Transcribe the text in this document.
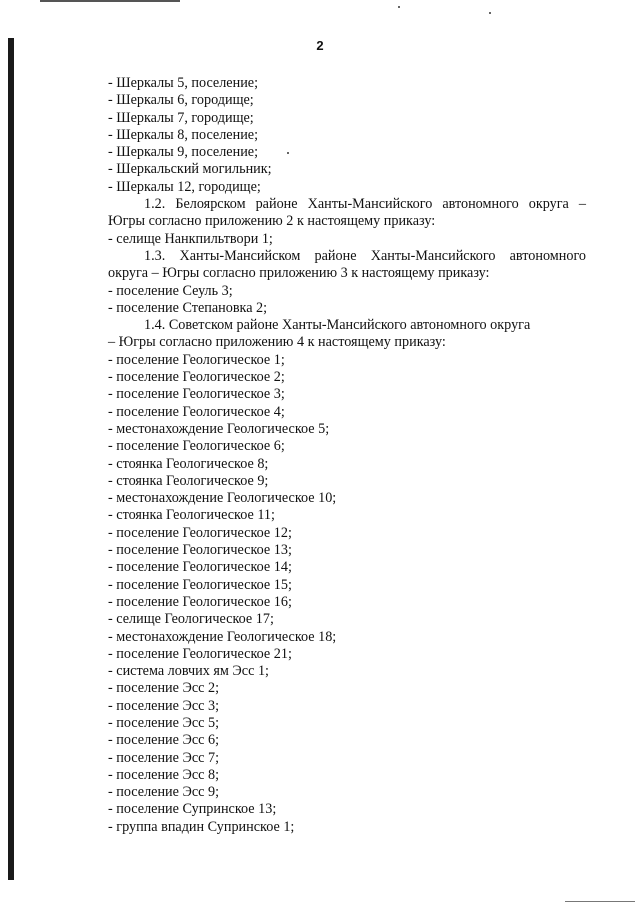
2
- Шеркалы 5, поселение;
- Шеркалы 6, городище;
- Шеркалы 7, городище;
- Шеркалы 8, поселение;
- Шеркалы 9, поселение;
- Шеркальский могильник;
- Шеркалы 12, городище;
1.2. Белоярском районе Ханты-Мансийского автономного округа –
Югры согласно приложению 2 к настоящему приказу:
- селище Нанкпильтвори 1;
1.3. Ханты-Мансийском районе Ханты-Мансийского автономного
округа – Югры согласно приложению 3 к настоящему приказу:
- поселение Сеуль 3;
- поселение Степановка 2;
1.4. Советском районе Ханты-Мансийского автономного округа
– Югры согласно приложению 4 к настоящему приказу:
- поселение Геологическое 1;
- поселение Геологическое 2;
- поселение Геологическое 3;
- поселение Геологическое 4;
- местонахождение Геологическое 5;
- поселение Геологическое 6;
- стоянка Геологическое 8;
- стоянка Геологическое 9;
- местонахождение Геологическое 10;
- стоянка Геологическое 11;
- поселение Геологическое 12;
- поселение Геологическое 13;
- поселение Геологическое 14;
- поселение Геологическое 15;
- поселение Геологическое 16;
- селище Геологическое 17;
- местонахождение Геологическое 18;
- поселение Геологическое 21;
- система ловчих ям Эсс 1;
- поселение Эсс 2;
- поселение Эсс 3;
- поселение Эсс 5;
- поселение Эсс 6;
- поселение Эсс 7;
- поселение Эсс 8;
- поселение Эсс 9;
- поселение Супринское 13;
- группа впадин Супринское 1;
